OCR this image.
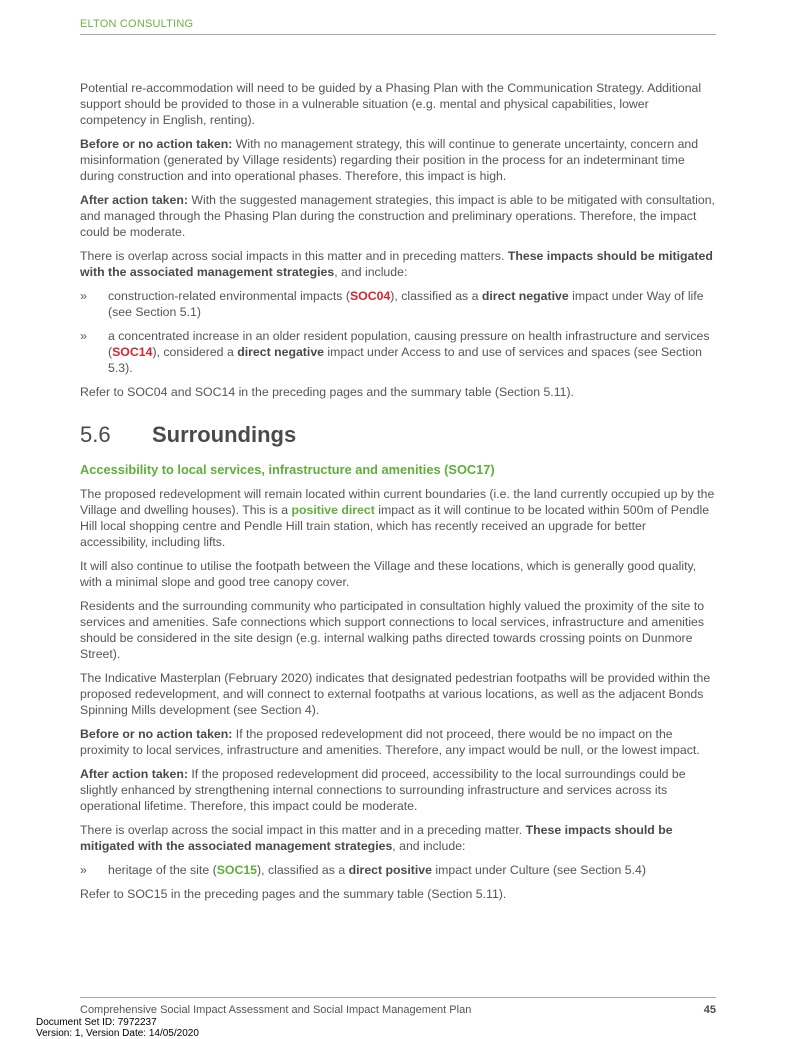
ELTON CONSULTING

Potential re-accommodation will need to be guided by a Phasing Plan with the Communication Strategy. Additional support should be provided to those in a vulnerable situation (e.g. mental and physical capabilities, lower competency in English, renting).

Before or no action taken: With no management strategy, this will continue to generate uncertainty, concern and misinformation (generated by Village residents) regarding their position in the process for an indeterminant time during construction and into operational phases. Therefore, this impact is high.

After action taken: With the suggested management strategies, this impact is able to be mitigated with consultation, and managed through the Phasing Plan during the construction and preliminary operations. Therefore, the impact could be moderate.

There is overlap across social impacts in this matter and in preceding matters. These impacts should be mitigated with the associated management strategies, and include:

» construction-related environmental impacts (SOC04), classified as a direct negative impact under Way of life (see Section 5.1)
» a concentrated increase in an older resident population, causing pressure on health infrastructure and services (SOC14), considered a direct negative impact under Access to and use of services and spaces (see Section 5.3).

Refer to SOC04 and SOC14 in the preceding pages and the summary table (Section 5.11).

5.6 Surroundings
Accessibility to local services, infrastructure and amenities (SOC17)

The proposed redevelopment will remain located within current boundaries (i.e. the land currently occupied up by the Village and dwelling houses). This is a positive direct impact as it will continue to be located within 500m of Pendle Hill local shopping centre and Pendle Hill train station, which has recently received an upgrade for better accessibility, including lifts.

It will also continue to utilise the footpath between the Village and these locations, which is generally good quality, with a minimal slope and good tree canopy cover.

Residents and the surrounding community who participated in consultation highly valued the proximity of the site to services and amenities. Safe connections which support connections to local services, infrastructure and amenities should be considered in the site design (e.g. internal walking paths directed towards crossing points on Dunmore Street).

The Indicative Masterplan (February 2020) indicates that designated pedestrian footpaths will be provided within the proposed redevelopment, and will connect to external footpaths at various locations, as well as the adjacent Bonds Spinning Mills development (see Section 4).

Before or no action taken: If the proposed redevelopment did not proceed, there would be no impact on the proximity to local services, infrastructure and amenities. Therefore, any impact would be null, or the lowest impact.

After action taken: If the proposed redevelopment did proceed, accessibility to the local surroundings could be slightly enhanced by strengthening internal connections to surrounding infrastructure and services across its operational lifetime. Therefore, this impact could be moderate.

There is overlap across the social impact in this matter and in a preceding matter. These impacts should be mitigated with the associated management strategies, and include:

» heritage of the site (SOC15), classified as a direct positive impact under Culture (see Section 5.4)

Refer to SOC15 in the preceding pages and the summary table (Section 5.11).

Comprehensive Social Impact Assessment and Social Impact Management Plan	45
Document Set ID: 7972237
Version: 1, Version Date: 14/05/2020
